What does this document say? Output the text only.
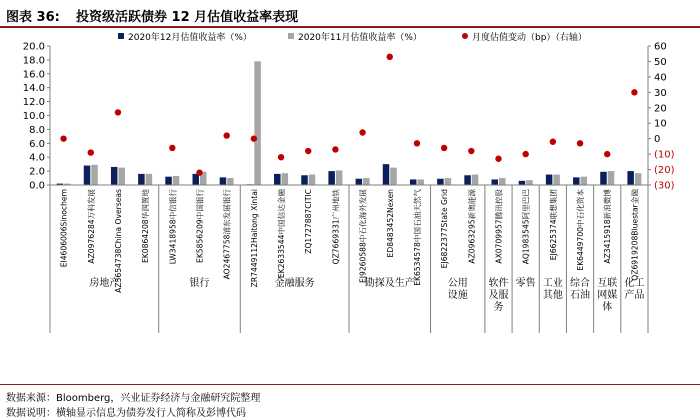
图表 36: 投资级活跃债券 12 月估值收益率表现
2020年12月估值收益率（%）	2020年11月估值收益率（%）	月度估值变动（bp）（右轴）
0.0
2.0
4.0
6.0
8.0
10.0
12.0
14.0
16.0
18.0
20.0
(30)
(20)
(10)
0
10
20
30
40
50
60
EI4606006Sinochem AZ0976284万科发展 AZ5654738China Overseas EK0864208华润置地 LW3418958中信银行 EK5856209中国银行 AO2467758浦东发展银行 ZR7449112Haitong Xintai EK2633544中国信达金融 ZQ1727887CITIC QZ7669331广州地铁 EJ9260588中石化海外发展 ED8483452Nexen EK6534578中国石油天然气 EJ6822377State Grid AZ0963295新奥能源 AX0709957腾讯控股 AQ1983545阿里巴巴 EJ6625374联想集团 EK6449700中石化资本 AZ3415918新浪微博 QZ6919208Bluestar金融
房地产	银行	金融服务	勘探及生产	公用设施
软件及服务
零售 工业其他
综合石油
互联网媒体
化工产品
数据来源：Bloomberg，兴业证券经济与金融研究院整理
数据说明：横轴显示信息为债券发行人简称及彭博代码
